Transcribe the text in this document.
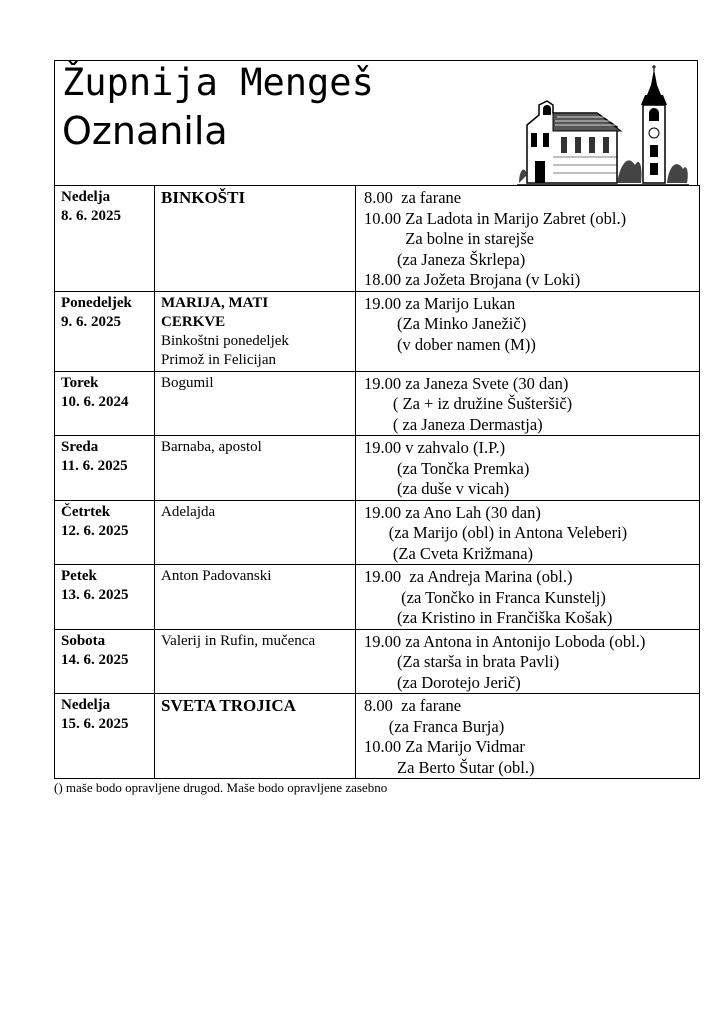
Župnija Mengeš
Oznanila
Nedelja
8. 6. 2025	BINKOŠTI	8.00  za farane
10.00 Za Ladota in Marijo Zabret (obl.)
Za bolne in starejše
(za Janeza Škrlepa)
18.00 za Jožeta Brojana (v Loki)

Ponedeljek
9. 6. 2025	MARIJA, MATI
CERKVE
Binkoštni ponedeljek
Primož in Felicijan	19.00 za Marijo Lukan
(Za Minko Janežič)
(v dober namen (M))

Torek
10. 6. 2024	Bogumil	19.00 za Janeza Svete (30 dan)
( Za + iz družine Šušteršič)
( za Janeza Dermastja)

Sreda
11. 6. 2025	Barnaba, apostol	19.00 v zahvalo (I.P.)
(za Tončka Premka)
(za duše v vicah)

Četrtek
12. 6. 2025	Adelajda	19.00 za Ano Lah (30 dan)
(za Marijo (obl) in Antona Veleberi)
(Za Cveta Križmana)

Petek
13. 6. 2025	Anton Padovanski	19.00  za Andreja Marina (obl.)
(za Tončko in Franca Kunstelj)
(za Kristino in Frančiška Košak)

Sobota
14. 6. 2025	Valerij in Rufin, mučenca	19.00 za Antona in Antonijo Loboda (obl.)
(Za starša in brata Pavli)
(za Dorotejo Jerič)

Nedelja
15. 6. 2025	SVETA TROJICA	8.00  za farane
(za Franca Burja)
10.00 Za Marijo Vidmar
Za Berto Šutar (obl.)
() maše bodo opravljene drugod. Maše bodo opravljene zasebno
